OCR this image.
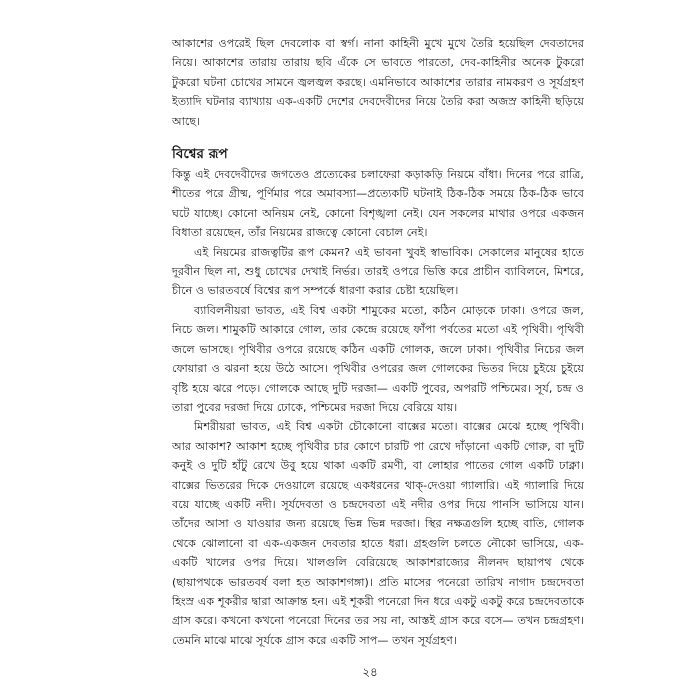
আকাশের ওপরেই ছিল দেবলোক বা স্বর্গ। নানা কাহিনী মুখে মুখে তৈরি হয়েছিল দেবতাদের নিয়ে। আকাশের তারায় তারায় ছবি এঁকে সে ভাবতে পারতো, দেব-কাহিনীর অনেক টুকরো টুকরো ঘটনা চোখের সামনে জ্বলজ্বল করছে। এমনিভাবে আকাশের তারার নামকরণ ও সূর্যগ্রহণ ইত্যাদি ঘটনার ব্যাখ্যায় এক-একটি দেশের দেবদেবীদের নিয়ে তৈরি করা অজস্র কাহিনী ছড়িয়ে আছে।

বিশ্বের রূপ

কিন্তু এই দেবদেবীদের জগতেও প্রত্যেকের চলাফেরা কড়াকড়ি নিয়মে বাঁধা। দিনের পরে রাত্রি, শীতের পরে গ্রীষ্ম, পূর্ণিমার পরে অমাবস্যা—প্রত্যেকটি ঘটনাই ঠিক-ঠিক সময়ে ঠিক-ঠিক ভাবে ঘটে যাচ্ছে। কোনো অনিয়ম নেই, কোনো বিশৃঙ্খলা নেই। যেন সকলের মাথার ওপরে একজন বিধাতা রয়েছেন, তাঁর নিয়মের রাজত্বে কোনো বেচাল নেই।

এই নিয়মের রাজত্বটির রূপ কেমন? এই ভাবনা খুবই স্বাভাবিক। সেকালের মানুষের হাতে দূরবীন ছিল না, শুধু চোখের দেখাই নির্ভর। তারই ওপরে ভিত্তি করে প্রাচীন ব্যাবিলনে, মিশরে, চীনে ও ভারতবর্ষে বিশ্বের রূপ সম্পর্কে ধারণা করার চেষ্টা হয়েছিল।

ব্যাবিলনীয়রা ভাবত, এই বিশ্ব একটা শামুকের মতো, কঠিন মোড়কে ঢাকা। ওপরে জল, নিচে জল। শামুকটি আকারে গোল, তার কেন্দ্রে রয়েছে ফাঁপা পর্বতের মতো এই পৃথিবী। পৃথিবী জলে ভাসছে। পৃথিবীর ওপরে রয়েছে কঠিন একটি গোলক, জলে ঢাকা। পৃথিবীর নিচের জল ফোয়ারা ও ঝরনা হয়ে উঠে আসে। পৃথিবীর ওপরের জল গোলকের ভিতর দিয়ে চুইয়ে চুইয়ে বৃষ্টি হয়ে ঝরে পড়ে। গোলকে আছে দুটি দরজা— একটি পুবের, অপরটি পশ্চিমের। সূর্য, চন্দ্র ও তারা পুবের দরজা দিয়ে ঢোকে, পশ্চিমের দরজা দিয়ে বেরিয়ে যায়।

মিশরীয়রা ভাবত, এই বিশ্ব একটা চৌকোনো বাক্সের মতো। বাক্সের মেঝে হচ্ছে পৃথিবী। আর আকাশ? আকাশ হচ্ছে পৃথিবীর চার কোণে চারটি পা রেখে দাঁড়ানো একটি গোরু, বা দুটি কনুই ও দুটি হাঁটু রেখে উবু হয়ে থাকা একটি রমণী, বা লোহার পাতের গোল একটি ঢাক্না। বাক্সের ভিতরের দিকে দেওয়ালে রয়েছে একধরনের থাক্-দেওয়া গ্যালারি। এই গ্যালারি দিয়ে বয়ে যাচ্ছে একটি নদী। সূর্যদেবতা ও চন্দ্রদেবতা এই নদীর ওপর দিয়ে পানসি ভাসিয়ে যান। তাঁদের আসা ও যাওয়ার জন্য রয়েছে ভিন্ন ভিন্ন দরজা। স্থির নক্ষত্রগুলি হচ্ছে বাতি, গোলক থেকে ঝোলানো বা এক-একজন দেবতার হাতে ধরা। গ্রহগুলি চলতে নৌকো ভাসিয়ে, এক-একটি খালের ওপর দিয়ে। খালগুলি বেরিয়েছে আকাশরাজ্যের নীলনদ ছায়াপথ থেকে (ছায়াপথকে ভারতবর্ষ বলা হত আকাশগঙ্গা)। প্রতি মাসের পনেরো তারিখ নাগাদ চন্দ্রদেবতা হিংস্র এক শূকরীর দ্বারা আক্রান্ত হন। এই শূকরী পনেরো দিন ধরে একটু একটু করে চন্দ্রদেবতাকে গ্রাস করে। কখনো কখনো পনেরো দিনের তর সয় না, আস্তই গ্রাস করে বসে— তখন চন্দ্রগ্রহণ। তেমনি মাঝে মাঝে সূর্যকে গ্রাস করে একটি সাপ— তখন সূর্যগ্রহণ।

২৪
